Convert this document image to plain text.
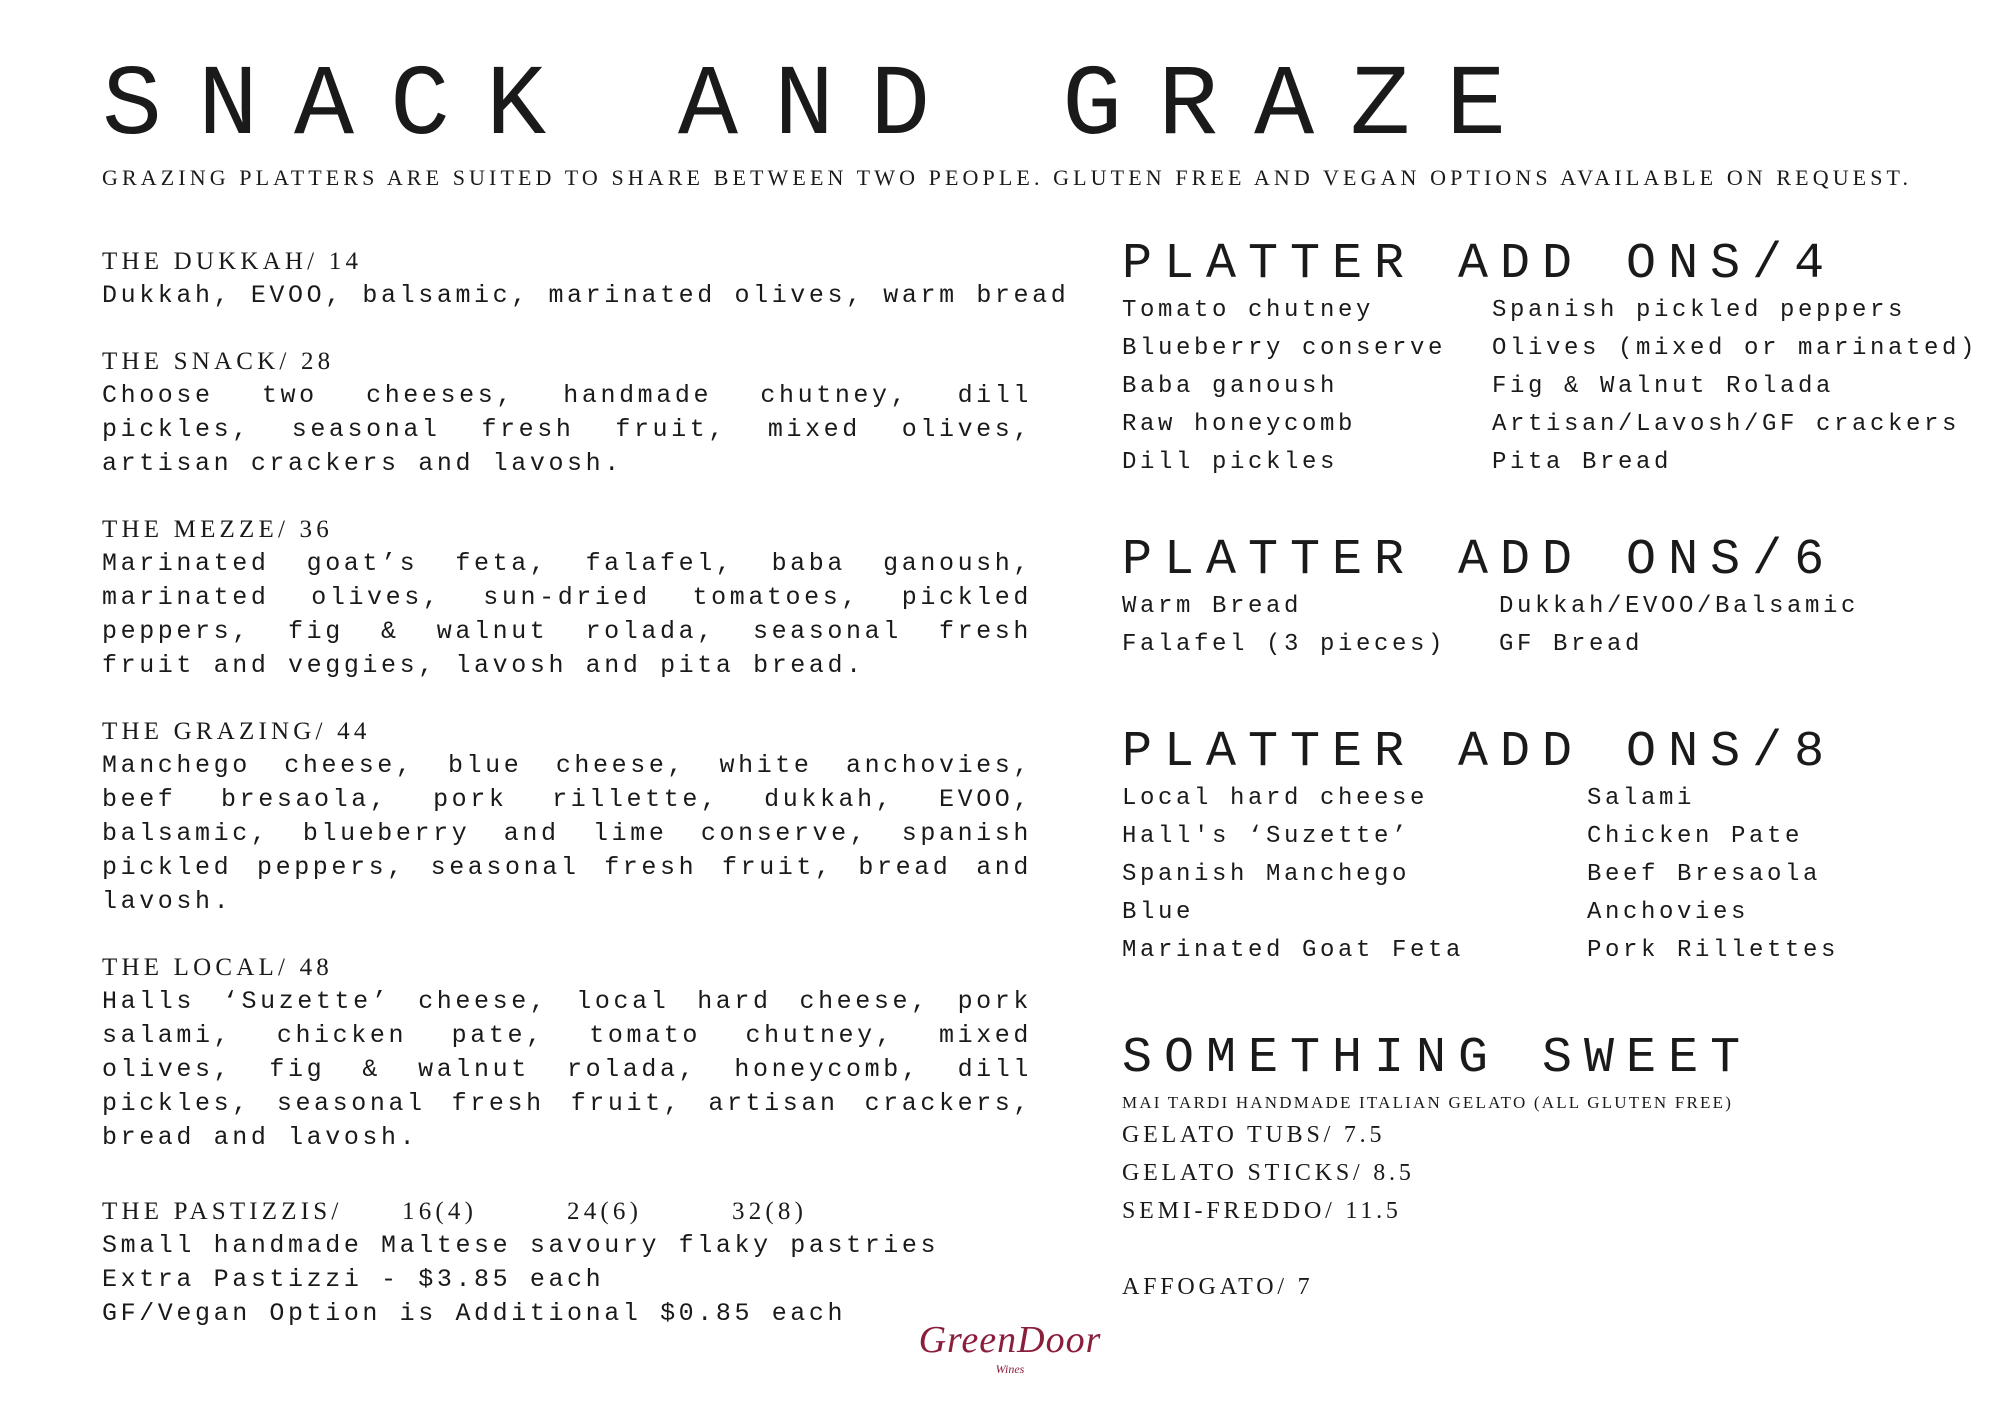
SNACK AND GRAZE
GRAZING PLATTERS ARE SUITED TO SHARE BETWEEN TWO PEOPLE. GLUTEN FREE AND VEGAN OPTIONS AVAILABLE ON REQUEST.
THE DUKKAH/ 14
Dukkah, EVOO, balsamic, marinated olives, warm bread
THE SNACK/ 28
Choose two cheeses, handmade chutney, dill pickles, seasonal fresh fruit, mixed olives, artisan crackers and lavosh.
THE MEZZE/ 36
Marinated goat’s feta, falafel, baba ganoush, marinated olives, sun-dried tomatoes, pickled peppers, fig & walnut rolada, seasonal fresh fruit and veggies, lavosh and pita bread.
THE GRAZING/ 44
Manchego cheese, blue cheese, white anchovies, beef bresaola, pork rillette, dukkah, EVOO, balsamic, blueberry and lime conserve, spanish pickled peppers, seasonal fresh fruit, bread and lavosh.
THE LOCAL/ 48
Halls ‘Suzette’ cheese, local hard cheese, pork salami, chicken pate, tomato chutney, mixed olives, fig & walnut rolada, honeycomb, dill pickles, seasonal fresh fruit, artisan crackers, bread and lavosh.
THE PASTIZZIS/ 16(4)	24(6)	32(8)
Small handmade Maltese savoury flaky pastries
Extra Pastizzi - $3.85 each
GF/Vegan Option is Additional $0.85 each
PLATTER ADD ONS/4
Tomato chutney
Blueberry conserve
Baba ganoush
Raw honeycomb
Dill pickles
Spanish pickled peppers
Olives (mixed or marinated)
Fig & Walnut Rolada
Artisan/Lavosh/GF crackers
Pita Bread
PLATTER ADD ONS/6
Warm Bread
Falafel (3 pieces)
Dukkah/EVOO/Balsamic
GF Bread
PLATTER ADD ONS/8
Local hard cheese
Hall's ‘Suzette’
Spanish Manchego
Blue
Marinated Goat Feta
Salami
Chicken Pate
Beef Bresaola
Anchovies
Pork Rillettes
SOMETHING SWEET
MAI TARDI HANDMADE ITALIAN GELATO (ALL GLUTEN FREE)
GELATO TUBS/ 7.5
GELATO STICKS/ 8.5
SEMI-FREDDO/ 11.5
AFFOGATO/ 7
GreenDoor
Wines
